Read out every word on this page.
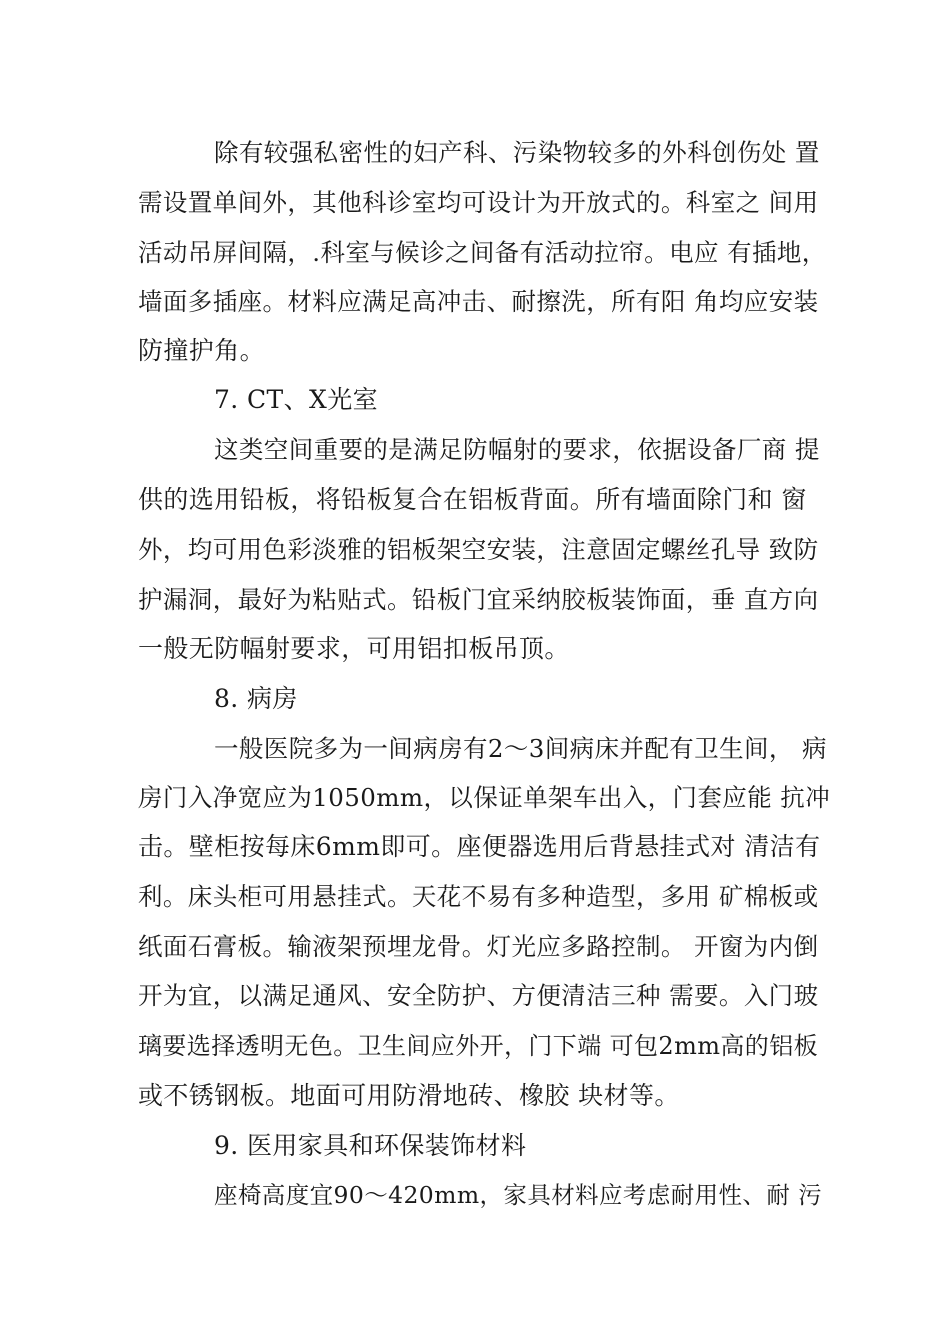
除有较强私密性的妇产科、污染物较多的外科创伤处 置
需设置单间外，其他科诊室均可设计为开放式的。科室之 间用
活动吊屏间隔，.科室与候诊之间备有活动拉帘。电应 有插地，
墙面多插座。材料应满足高冲击、耐擦洗，所有阳 角均应安装
防撞护角。
7. CT、X光室
这类空间重要的是满足防幅射的要求，依据设备厂商 提
供的选用铅板，将铅板复合在铝板背面。所有墙面除门和 窗
外，均可用色彩淡雅的铝板架空安装，注意固定螺丝孔导 致防
护漏洞，最好为粘贴式。铅板门宜采纳胶板装饰面，垂 直方向
一般无防幅射要求，可用铝扣板吊顶。
8. 病房
一般医院多为一间病房有2～3间病床并配有卫生间， 病
房门入净宽应为1050mm，以保证单架车出入，门套应能 抗冲
击。壁柜按每床6mm即可。座便器选用后背悬挂式对 清洁有
利。床头柜可用悬挂式。天花不易有多种造型，多用 矿棉板或
纸面石膏板。输液架预埋龙骨。灯光应多路控制。 开窗为内倒
开为宜，以满足通风、安全防护、方便清洁三种 需要。入门玻
璃要选择透明无色。卫生间应外开，门下端 可包2mm高的铝板
或不锈钢板。地面可用防滑地砖、橡胶 块材等。
9. 医用家具和环保装饰材料
座椅高度宜90～420mm，家具材料应考虑耐用性、耐 污
